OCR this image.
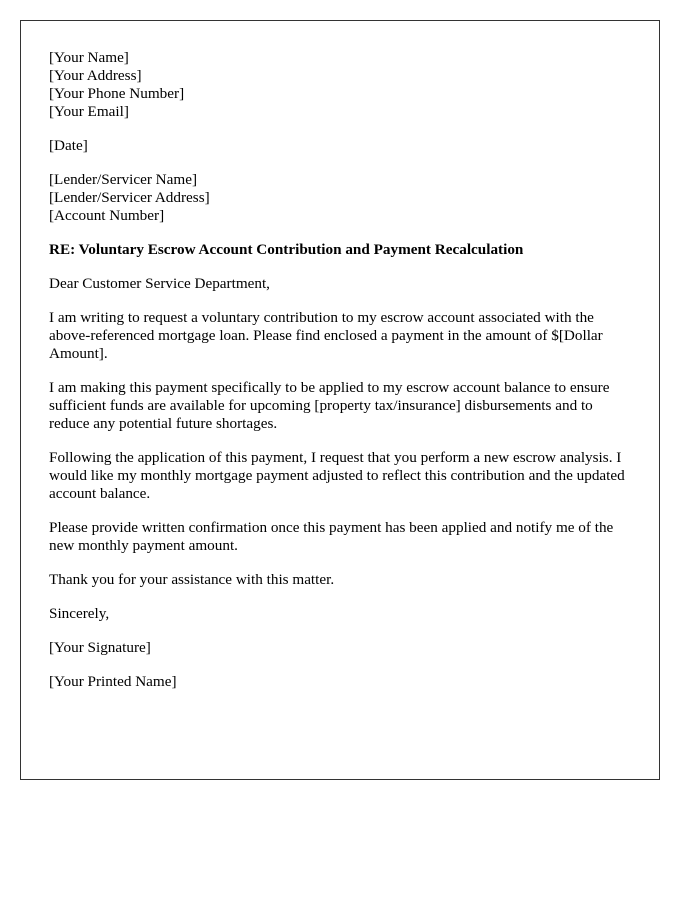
[Your Name]
[Your Address]
[Your Phone Number]
[Your Email]
[Date]
[Lender/Servicer Name]
[Lender/Servicer Address]
[Account Number]
RE: Voluntary Escrow Account Contribution and Payment Recalculation

Dear Customer Service Department,

I am writing to request a voluntary contribution to my escrow account associated with the above-referenced mortgage loan. Please find enclosed a payment in the amount of $[Dollar Amount].

I am making this payment specifically to be applied to my escrow account balance to ensure sufficient funds are available for upcoming [property tax/insurance] disbursements and to reduce any potential future shortages.

Following the application of this payment, I request that you perform a new escrow analysis. I would like my monthly mortgage payment adjusted to reflect this contribution and the updated account balance.

Please provide written confirmation once this payment has been applied and notify me of the new monthly payment amount.

Thank you for your assistance with this matter.

Sincerely,

[Your Signature]

[Your Printed Name]
